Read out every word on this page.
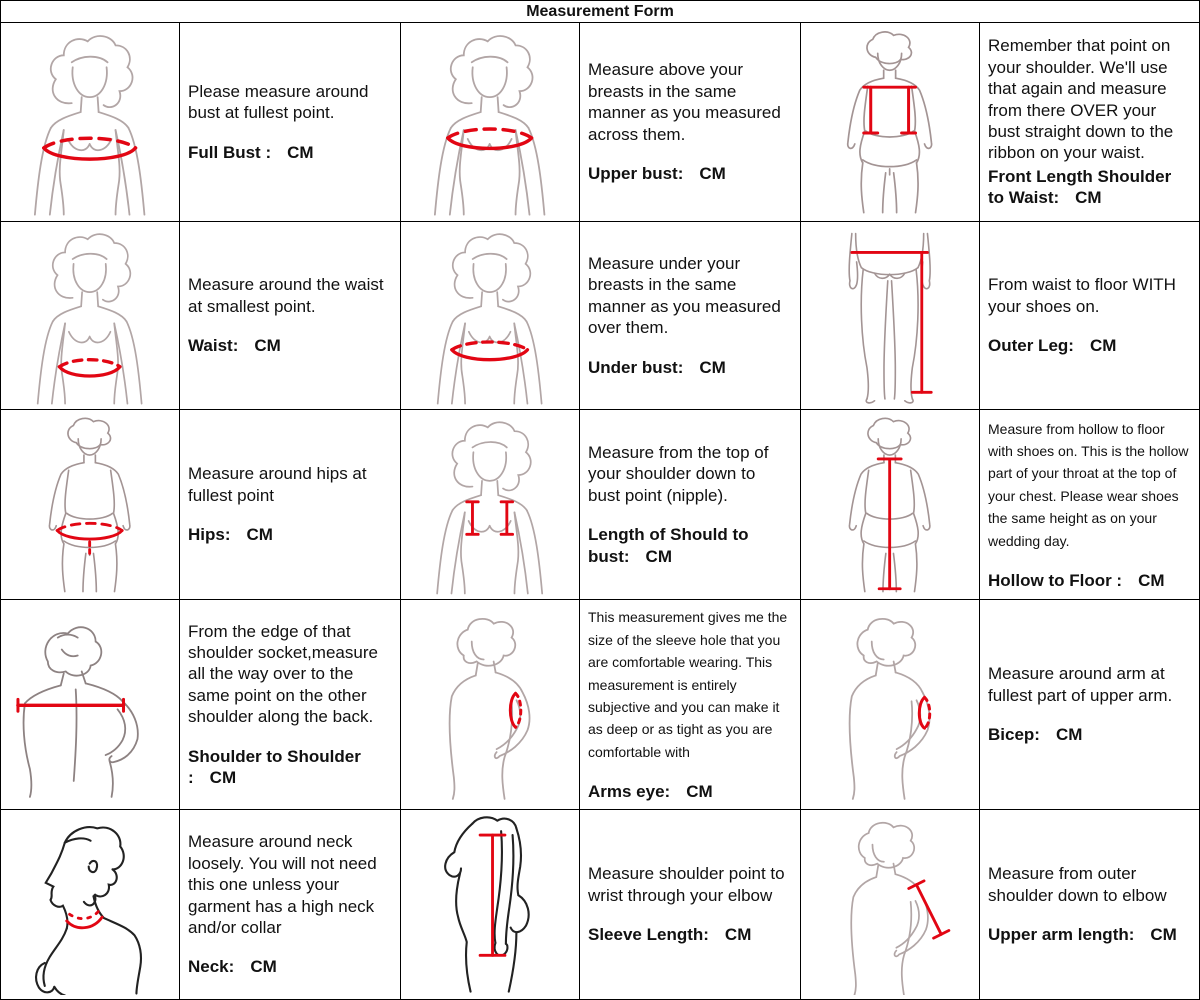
Measurement Form

Please measure around bust at fullest point.

Full Bust : CM

Measure above your breasts in the same manner as you measured across them.

Upper bust: CM

Remember that point on your shoulder. We'll use that again and measure from there OVER your bust straight down to the ribbon on your waist.

Front Length Shoulder to Waist: CM

Measure around the waist at smallest point.

Waist: CM

Measure under your breasts in the same manner as you measured over them.

Under bust: CM

From waist to floor WITH your shoes on.

Outer Leg: CM

Measure around hips at fullest point

Hips: CM

Measure from the top of your shoulder down to bust point (nipple).

Length of Should to bust: CM

Measure from hollow to floor with shoes on. This is the hollow part of your throat at the top of your chest. Please wear shoes the same height as on your wedding day.

Hollow to Floor : CM

From the edge of that shoulder socket,measure all the way over to the same point on the other shoulder along the back.

Shoulder to Shoulder : CM

This measurement gives me the size of the sleeve hole that you are comfortable wearing. This measurement is entirely subjective and you can make it as deep or as tight as you are comfortable with

Arms eye: CM

Measure around arm at fullest part of upper arm.

Bicep: CM

Measure around neck loosely. You will not need this one unless your garment has a high neck and/or collar

Neck: CM

Measure shoulder point to wrist through your elbow

Sleeve Length: CM

Measure from outer shoulder down to elbow

Upper arm length: CM
